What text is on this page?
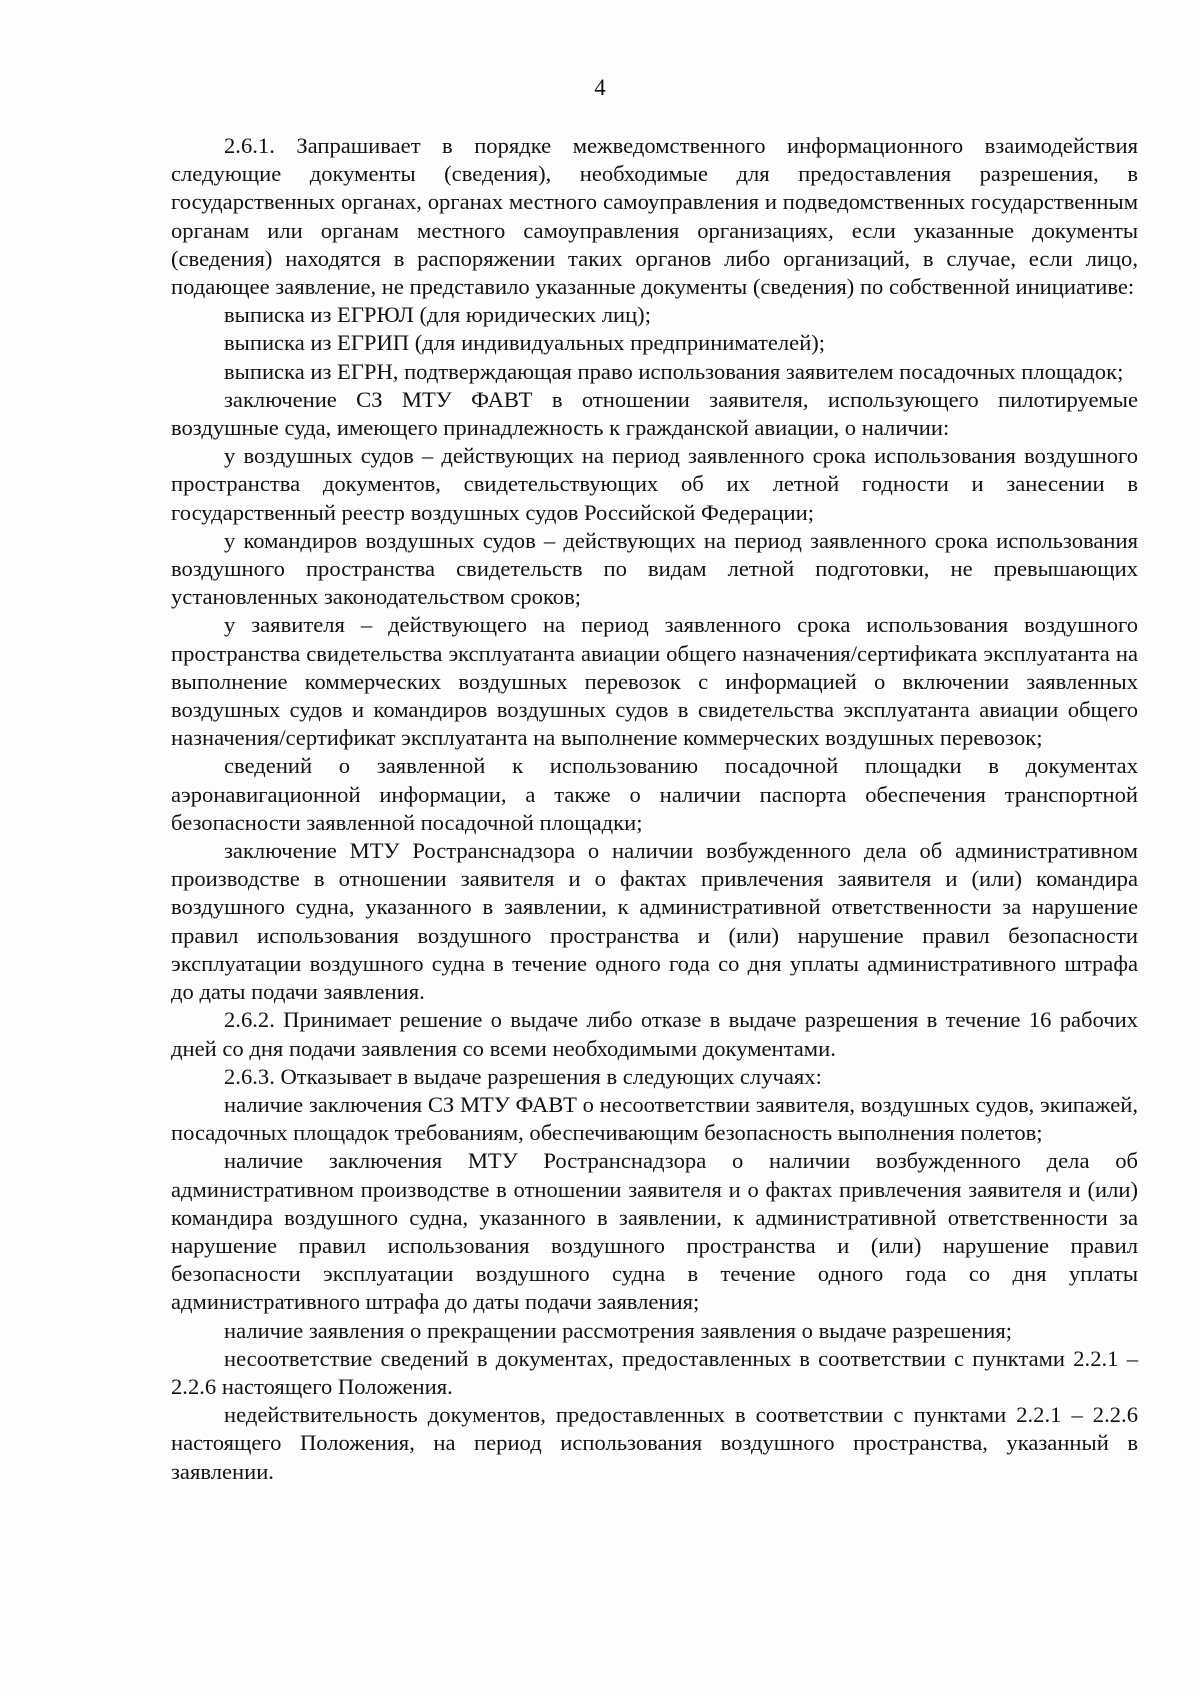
4

2.6.1. Запрашивает в порядке межведомственного информационного взаимодействия следующие документы (сведения), необходимые для предоставления разрешения, в государственных органах, органах местного самоуправления и подведомственных государственным органам или органам местного самоуправления организациях, если указанные документы (сведения) находятся в распоряжении таких органов либо организаций, в случае, если лицо, подающее заявление, не представило указанные документы (сведения) по собственной инициативе:

выписка из ЕГРЮЛ (для юридических лиц);

выписка из ЕГРИП (для индивидуальных предпринимателей);

выписка из ЕГРН, подтверждающая право использования заявителем посадочных площадок;

заключение СЗ МТУ ФАВТ в отношении заявителя, использующего пилотируемые воздушные суда, имеющего принадлежность к гражданской авиации, о наличии:

у воздушных судов – действующих на период заявленного срока использования воздушного пространства документов, свидетельствующих об их летной годности и занесении в государственный реестр воздушных судов Российской Федерации;

у командиров воздушных судов – действующих на период заявленного срока использования воздушного пространства свидетельств по видам летной подготовки, не превышающих установленных законодательством сроков;

у заявителя – действующего на период заявленного срока использования воздушного пространства свидетельства эксплуатанта авиации общего назначения/сертификата эксплуатанта на выполнение коммерческих воздушных перевозок с информацией о включении заявленных воздушных судов и командиров воздушных судов в свидетельства эксплуатанта авиации общего назначения/сертификат эксплуатанта на выполнение коммерческих воздушных перевозок;

сведений о заявленной к использованию посадочной площадки в документах аэронавигационной информации, а также о наличии паспорта обеспечения транспортной безопасности заявленной посадочной площадки;

заключение МТУ Ространснадзора о наличии возбужденного дела об административном производстве в отношении заявителя и о фактах привлечения заявителя и (или) командира воздушного судна, указанного в заявлении, к административной ответственности за нарушение правил использования воздушного пространства и (или) нарушение правил безопасности эксплуатации воздушного судна в течение одного года со дня уплаты административного штрафа до даты подачи заявления.

2.6.2. Принимает решение о выдаче либо отказе в выдаче разрешения в течение 16 рабочих дней со дня подачи заявления со всеми необходимыми документами.

2.6.3. Отказывает в выдаче разрешения в следующих случаях:

наличие заключения СЗ МТУ ФАВТ о несоответствии заявителя, воздушных судов, экипажей, посадочных площадок требованиям, обеспечивающим безопасность выполнения полетов;

наличие заключения МТУ Ространснадзора о наличии возбужденного дела об административном производстве в отношении заявителя и о фактах привлечения заявителя и (или) командира воздушного судна, указанного в заявлении, к административной ответственности за нарушение правил использования воздушного пространства и (или) нарушение правил безопасности эксплуатации воздушного судна в течение одного года со дня уплаты административного штрафа до даты подачи заявления;

наличие заявления о прекращении рассмотрения заявления о выдаче разрешения;

несоответствие сведений в документах, предоставленных в соответствии с пунктами 2.2.1 – 2.2.6 настоящего Положения.

недействительность документов, предоставленных в соответствии с пунктами 2.2.1 – 2.2.6 настоящего Положения, на период использования воздушного пространства, указанный в заявлении.
